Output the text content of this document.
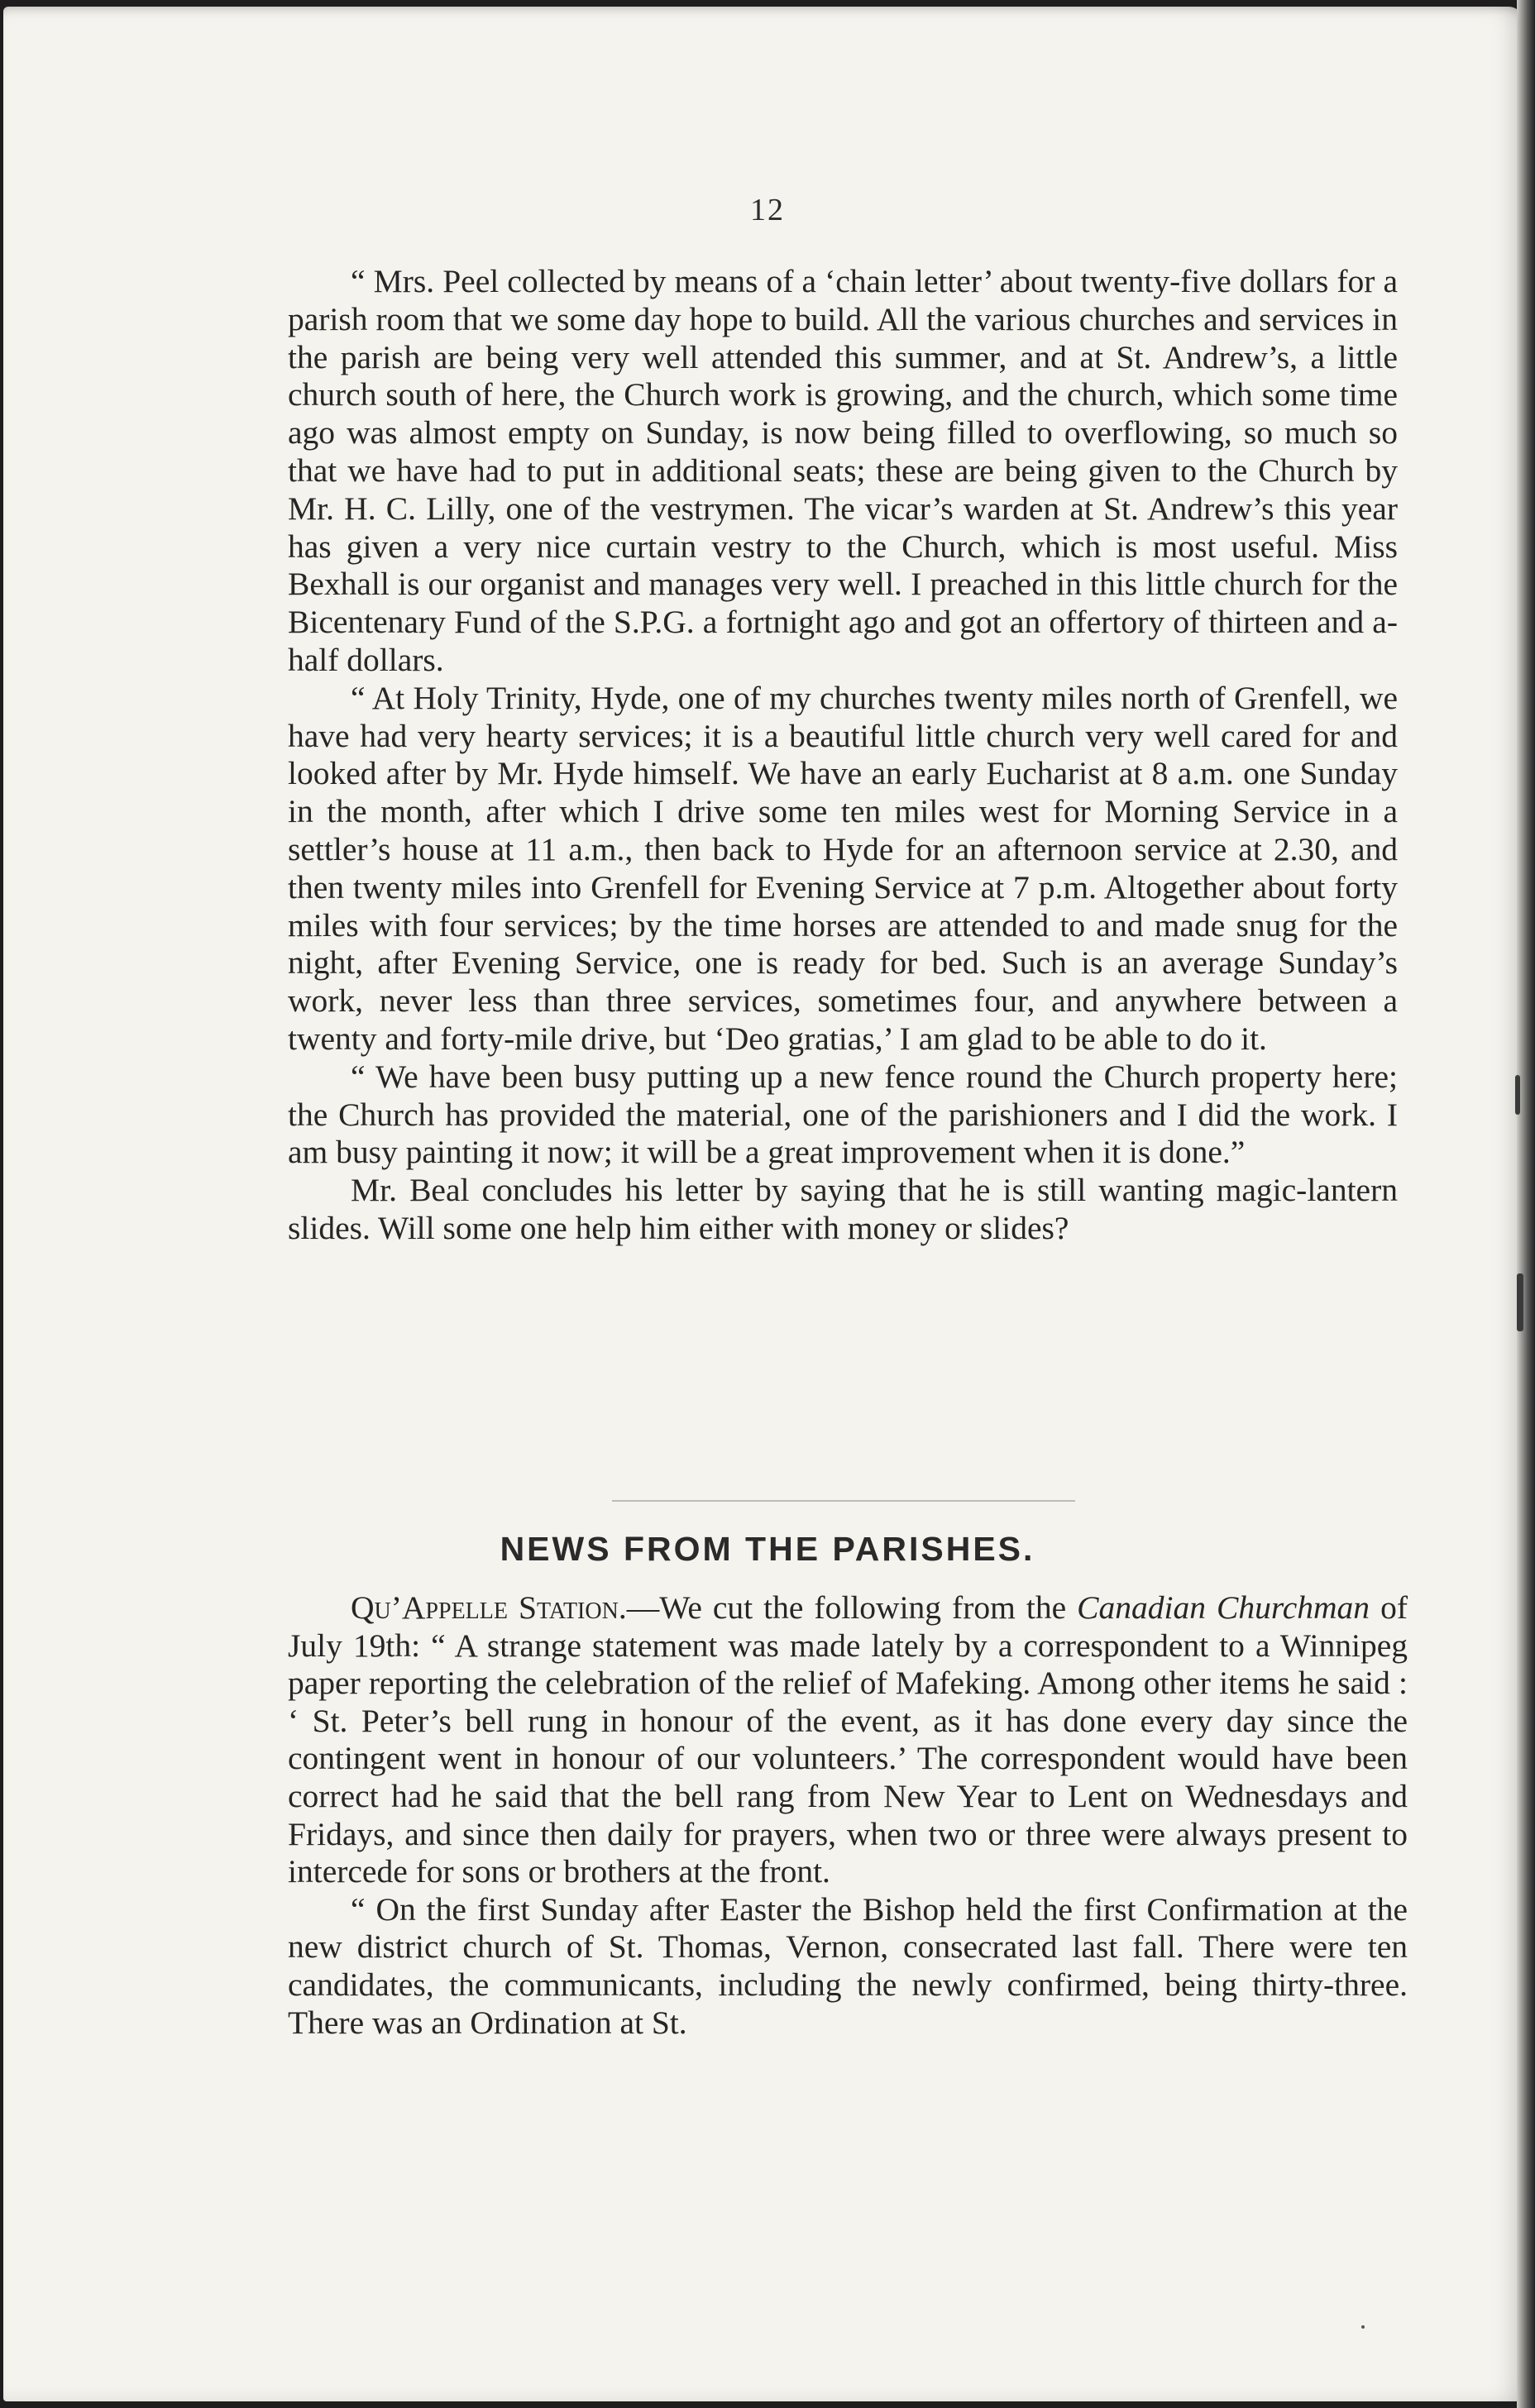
12

“ Mrs. Peel collected by means of a ‘chain letter’ about twenty-five dollars for a parish room that we some day hope to build. All the various churches and services in the parish are being very well attended this summer, and at St. Andrew’s, a little church south of here, the Church work is growing, and the church, which some time ago was almost empty on Sunday, is now being filled to overflowing, so much so that we have had to put in additional seats; these are being given to the Church by Mr. H. C. Lilly, one of the vestrymen. The vicar’s warden at St. Andrew’s this year has given a very nice curtain vestry to the Church, which is most useful. Miss Bexhall is our organist and manages very well. I preached in this little church for the Bicentenary Fund of the S.P.G. a fortnight ago and got an offertory of thirteen and a-half dollars.

“ At Holy Trinity, Hyde, one of my churches twenty miles north of Grenfell, we have had very hearty services; it is a beautiful little church very well cared for and looked after by Mr. Hyde himself. We have an early Eucharist at 8 a.m. one Sunday in the month, after which I drive some ten miles west for Morning Service in a settler’s house at 11 a.m., then back to Hyde for an afternoon service at 2.30, and then twenty miles into Grenfell for Evening Service at 7 p.m. Altogether about forty miles with four services; by the time horses are attended to and made snug for the night, after Evening Service, one is ready for bed. Such is an average Sunday’s work, never less than three services, sometimes four, and anywhere between a twenty and forty-mile drive, but ‘Deo gratias,’ I am glad to be able to do it.

“ We have been busy putting up a new fence round the Church property here; the Church has provided the material, one of the parishioners and I did the work. I am busy painting it now; it will be a great improvement when it is done.”

Mr. Beal concludes his letter by saying that he is still wanting magic-lantern slides. Will some one help him either with money or slides?

NEWS FROM THE PARISHES.

Qu’Appelle Station.—We cut the following from the Canadian Churchman of July 19th: “ A strange statement was made lately by a correspondent to a Winnipeg paper reporting the celebration of the relief of Mafeking. Among other items he said : ‘ St. Peter’s bell rung in honour of the event, as it has done every day since the contingent went in honour of our volunteers.’ The correspondent would have been correct had he said that the bell rang from New Year to Lent on Wednesdays and Fridays, and since then daily for prayers, when two or three were always present to intercede for sons or brothers at the front.

“ On the first Sunday after Easter the Bishop held the first Confirmation at the new district church of St. Thomas, Vernon, consecrated last fall. There were ten candidates, the communicants, including the newly confirmed, being thirty-three. There was an Ordination at St.
